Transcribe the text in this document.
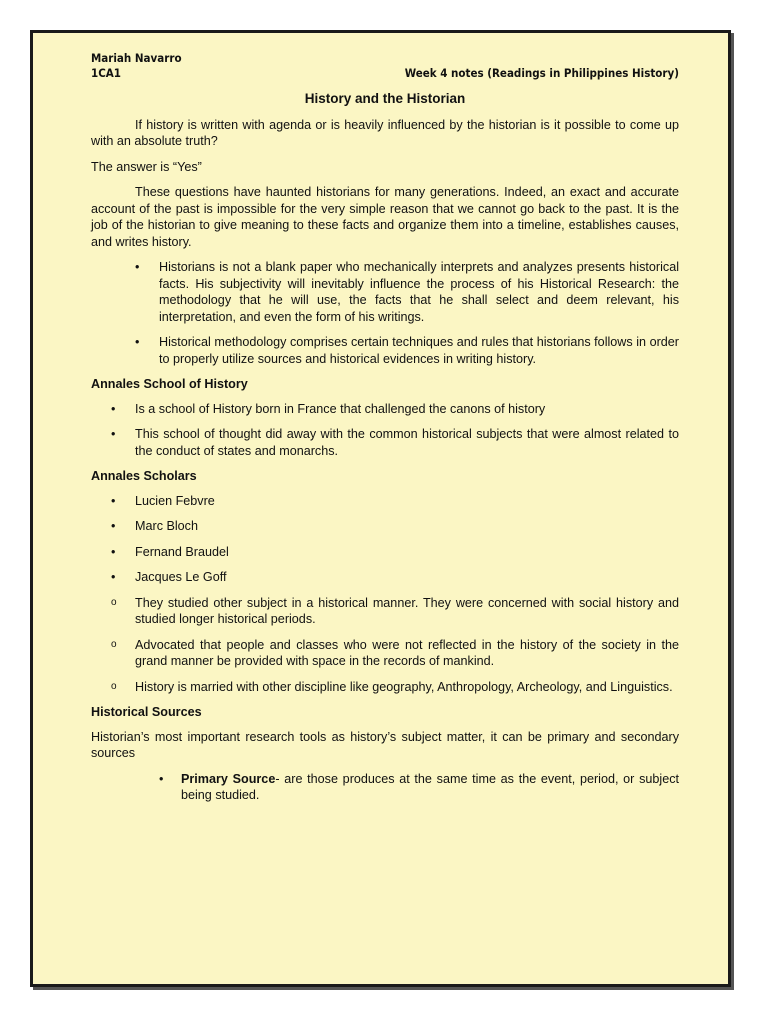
Mariah Navarro
1CA1	Week 4 notes (Readings in Philippines History)
History and the Historian

If history is written with agenda or is heavily influenced by the historian is it possible to come up with an absolute truth?

The answer is “Yes”

These questions have haunted historians for many generations. Indeed, an exact and accurate account of the past is impossible for the very simple reason that we cannot go back to the past. It is the job of the historian to give meaning to these facts and organize them into a timeline, establishes causes, and writes history.

• Historians is not a blank paper who mechanically interprets and analyzes presents historical facts. His subjectivity will inevitably influence the process of his Historical Research: the methodology that he will use, the facts that he shall select and deem relevant, his interpretation, and even the form of his writings.
• Historical methodology comprises certain techniques and rules that historians follows in order to properly utilize sources and historical evidences in writing history.
Annales School of History
• Is a school of History born in France that challenged the canons of history
• This school of thought did away with the common historical subjects that were almost related to the conduct of states and monarchs.
Annales Scholars
• Lucien Febvre
• Marc Bloch
• Fernand Braudel
• Jacques Le Goff
o They studied other subject in a historical manner. They were concerned with social history and studied longer historical periods.
o Advocated that people and classes who were not reflected in the history of the society in the grand manner be provided with space in the records of mankind.
o History is married with other discipline like geography, Anthropology, Archeology, and Linguistics.
Historical Sources

Historian’s most important research tools as history’s subject matter, it can be primary and secondary sources

• Primary Source- are those produces at the same time as the event, period, or subject being studied.
